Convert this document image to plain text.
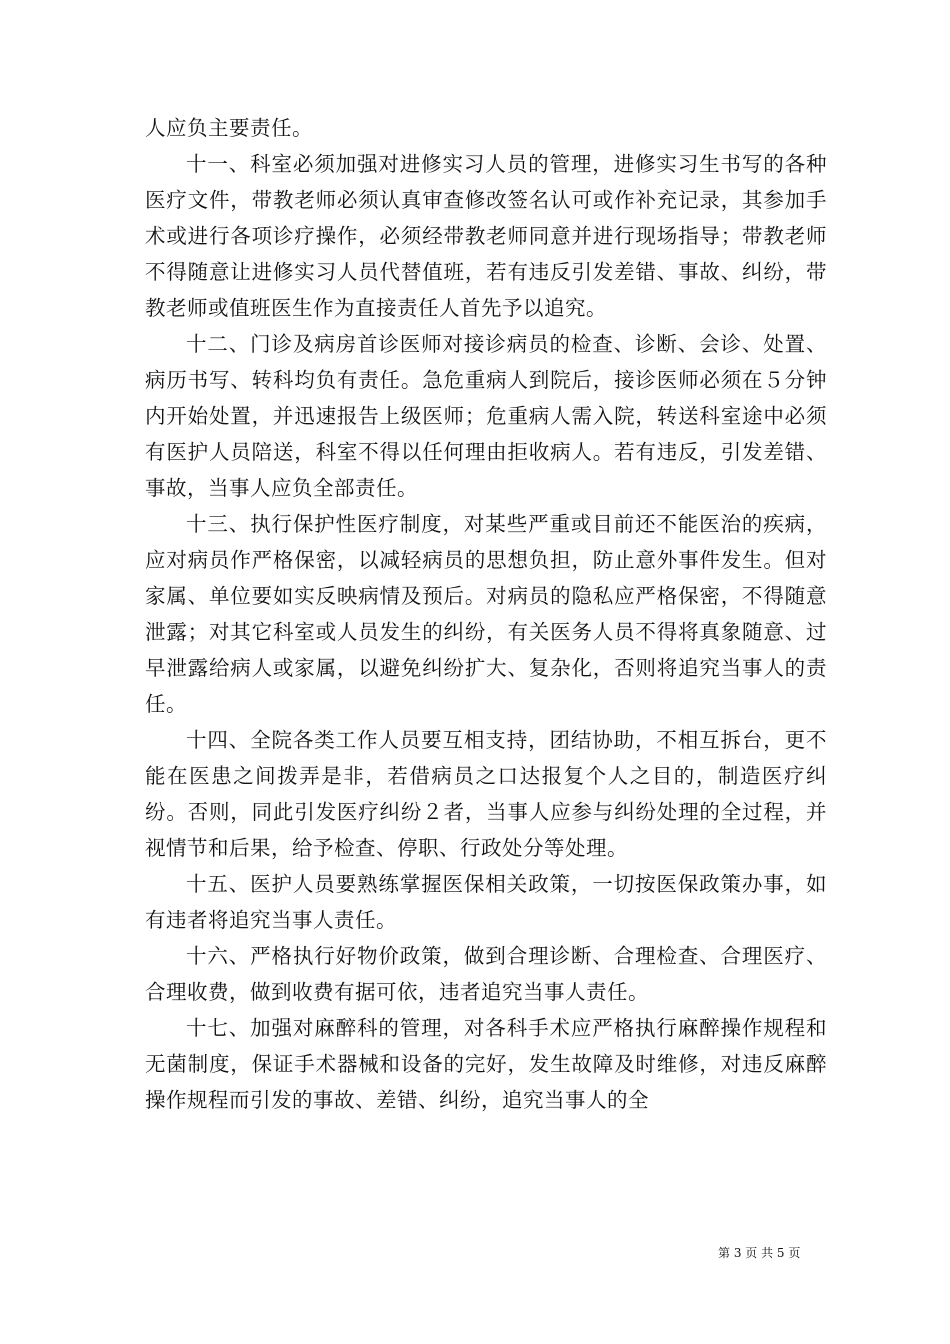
人应负主要责任。

十一、科室必须加强对进修实习人员的管理，进修实习生书写的各种医疗文件，带教老师必须认真审查修改签名认可或作补充记录，其参加手术或进行各项诊疗操作，必须经带教老师同意并进行现场指导；带教老师不得随意让进修实习人员代替值班，若有违反引发差错、事故、纠纷，带教老师或值班医生作为直接责任人首先予以追究。

十二、门诊及病房首诊医师对接诊病员的检查、诊断、会诊、处置、病历书写、转科均负有责任。急危重病人到院后，接诊医师必须在５分钟内开始处置，并迅速报告上级医师；危重病人需入院，转送科室途中必须有医护人员陪送，科室不得以任何理由拒收病人。若有违反，引发差错、事故，当事人应负全部责任。

十三、执行保护性医疗制度，对某些严重或目前还不能医治的疾病，应对病员作严格保密，以减轻病员的思想负担，防止意外事件发生。但对家属、单位要如实反映病情及预后。对病员的隐私应严格保密，不得随意泄露；对其它科室或人员发生的纠纷，有关医务人员不得将真象随意、过早泄露给病人或家属，以避免纠纷扩大、复杂化，否则将追究当事人的责任。

十四、全院各类工作人员要互相支持，团结协助，不相互拆台，更不能在医患之间拨弄是非，若借病员之口达报复个人之目的，制造医疗纠纷。否则，同此引发医疗纠纷２者，当事人应参与纠纷处理的全过程，并视情节和后果，给予检查、停职、行政处分等处理。

十五、医护人员要熟练掌握医保相关政策，一切按医保政策办事，如有违者将追究当事人责任。

十六、严格执行好物价政策，做到合理诊断、合理检查、合理医疗、合理收费，做到收费有据可依，违者追究当事人责任。

十七、加强对麻醉科的管理，对各科手术应严格执行麻醉操作规程和无菌制度，保证手术器械和设备的完好，发生故障及时维修，对违反麻醉操作规程而引发的事故、差错、纠纷，追究当事人的全

第 3 页 共 5 页
